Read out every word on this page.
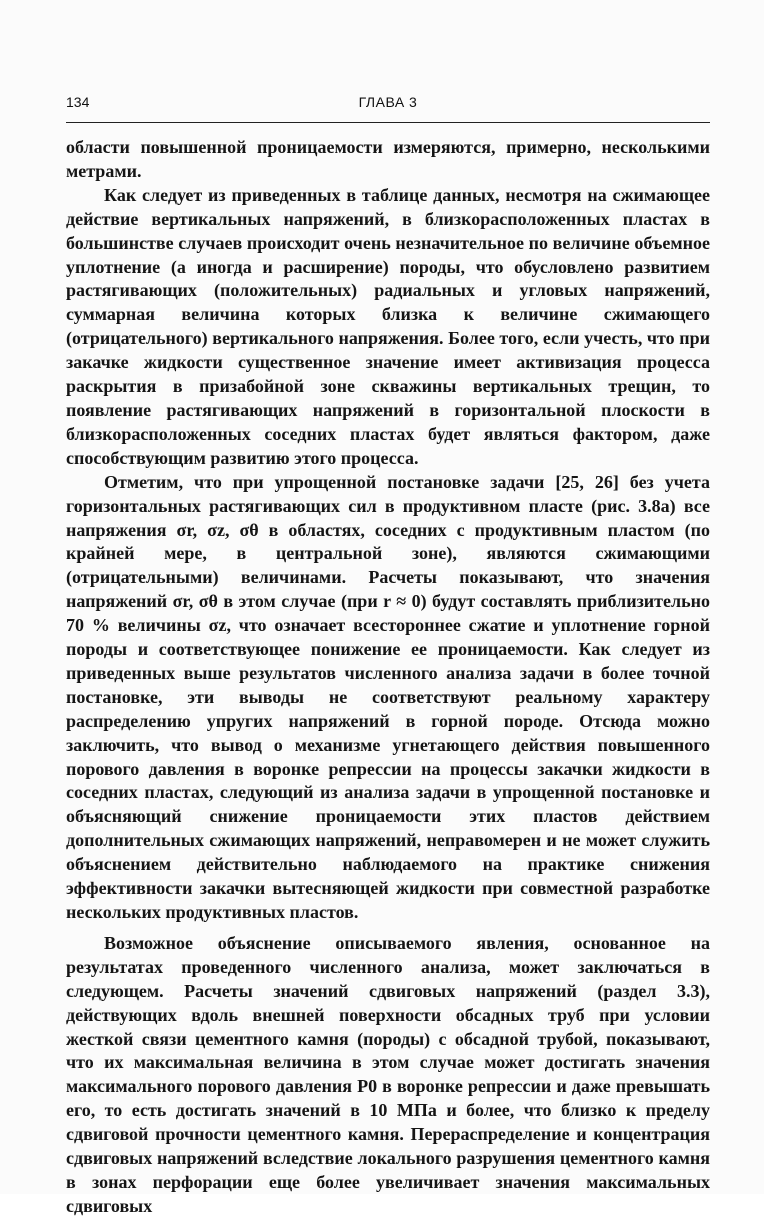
134	ГЛАВА 3

области повышенной проницаемости измеряются, примерно, несколькими метрами.

Как следует из приведенных в таблице данных, несмотря на сжимающее действие вертикальных напряжений, в близкорасположенных пластах в большинстве случаев происходит очень незначительное по величине объемное уплотнение (а иногда и расширение) породы, что обусловлено развитием растягивающих (положительных) радиальных и угловых напряжений, суммарная величина которых близка к величине сжимающего (отрицательного) вертикального напряжения. Более того, если учесть, что при закачке жидкости существенное значение имеет активизация процесса раскрытия в призабойной зоне скважины вертикальных трещин, то появление растягивающих напряжений в горизонтальной плоскости в близкорасположенных соседних пластах будет являться фактором, даже способствующим развитию этого процесса.

Отметим, что при упрощенной постановке задачи [25, 26] без учета горизонтальных растягивающих сил в продуктивном пласте (рис. 3.8а) все напряжения σr, σz, σθ в областях, соседних с продуктивным пластом (по крайней мере, в центральной зоне), являются сжимающими (отрицательными) величинами. Расчеты показывают, что значения напряжений σr, σθ в этом случае (при r ≈ 0) будут составлять приблизительно 70 % величины σz, что означает всестороннее сжатие и уплотнение горной породы и соответствующее понижение ее проницаемости. Как следует из приведенных выше результатов численного анализа задачи в более точной постановке, эти выводы не соответствуют реальному характеру распределению упругих напряжений в горной породе. Отсюда можно заключить, что вывод о механизме угнетающего действия повышенного порового давления в воронке репрессии на процессы закачки жидкости в соседних пластах, следующий из анализа задачи в упрощенной постановке и объясняющий снижение проницаемости этих пластов действием дополнительных сжимающих напряжений, неправомерен и не может служить объяснением действительно наблюдаемого на практике снижения эффективности закачки вытесняющей жидкости при совместной разработке нескольких продуктивных пластов.

Возможное объяснение описываемого явления, основанное на результатах проведенного численного анализа, может заключаться в следующем. Расчеты значений сдвиговых напряжений (раздел 3.3), действующих вдоль внешней поверхности обсадных труб при условии жесткой связи цементного камня (породы) с обсадной трубой, показывают, что их максимальная величина в этом случае может достигать значения максимального порового давления P0 в воронке репрессии и даже превышать его, то есть достигать значений в 10 МПа и более, что близко к пределу сдвиговой прочности цементного камня. Перераспределение и концентрация сдвиговых напряжений вследствие локального разрушения цементного камня в зонах перфорации еще более увеличивает значения максимальных сдвиговых
